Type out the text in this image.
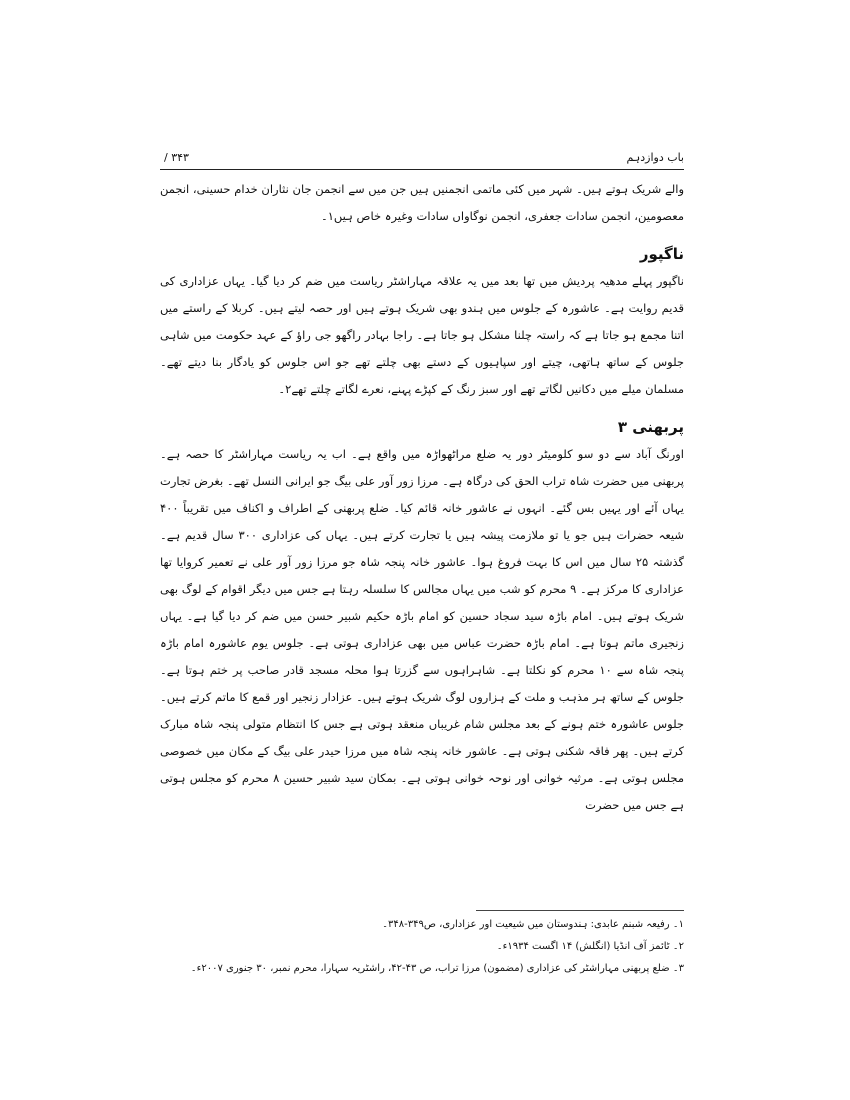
باب دوازدہم
/ ۳۴۳

والے شریک ہوتے ہیں۔ شہر میں کئی ماتمی انجمنیں ہیں جن میں سے انجمن جان نثاران خدام حسینی، انجمن معصومین، انجمن سادات جعفری، انجمن نوگاواں سادات وغیرہ خاص ہیں۱۔

ناگپور

ناگپور پہلے مدھیہ پردیش میں تھا بعد میں یہ علاقہ مہاراشٹر ریاست میں ضم کر دیا گیا۔ یہاں عزاداری کی قدیم روایت ہے۔ عاشورہ کے جلوس میں ہندو بھی شریک ہوتے ہیں اور حصہ لیتے ہیں۔ کربلا کے راستے میں اتنا مجمع ہو جاتا ہے کہ راستہ چلنا مشکل ہو جاتا ہے۔ راجا بہادر راگھو جی راؤ کے عہد حکومت میں شاہی جلوس کے ساتھ ہاتھی، چیتے اور سپاہیوں کے دستے بھی چلتے تھے جو اس جلوس کو یادگار بنا دیتے تھے۔ مسلمان میلے میں دکانیں لگاتے تھے اور سبز رنگ کے کپڑے پہنے، نعرے لگاتے چلتے تھے۲۔

پربھنی ۳

اورنگ آباد سے دو سو کلومیٹر دور یہ ضلع مراٹھواڑہ میں واقع ہے۔ اب یہ ریاست مہاراشٹر کا حصہ ہے۔ پربھنی میں حضرت شاہ تراب الحق کی درگاہ ہے۔ مرزا زور آور علی بیگ جو ایرانی النسل تھے۔ بغرض تجارت یہاں آئے اور یہیں بس گئے۔ انہوں نے عاشور خانہ قائم کیا۔ ضلع پربھنی کے اطراف و اکناف میں تقریباً ۴۰۰ شیعہ حضرات ہیں جو یا تو ملازمت پیشہ ہیں یا تجارت کرتے ہیں۔ یہاں کی عزاداری ۳۰۰ سال قدیم ہے۔ گذشتہ ۲۵ سال میں اس کا بہت فروغ ہوا۔ عاشور خانہ پنجہ شاہ جو مرزا زور آور علی نے تعمیر کروایا تھا عزاداری کا مرکز ہے۔ ۹ محرم کو شب میں یہاں مجالس کا سلسلہ رہتا ہے جس میں دیگر اقوام کے لوگ بھی شریک ہوتے ہیں۔ امام باڑہ سید سجاد حسین کو امام باڑہ حکیم شبیر حسن میں ضم کر دیا گیا ہے۔ یہاں زنجیری ماتم ہوتا ہے۔ امام باڑہ حضرت عباس میں بھی عزاداری ہوتی ہے۔ جلوس یوم عاشورہ امام باڑہ پنجہ شاہ سے ۱۰ محرم کو نکلتا ہے۔ شاہراہوں سے گزرتا ہوا محلہ مسجد قادر صاحب پر ختم ہوتا ہے۔ جلوس کے ساتھ ہر مذہب و ملت کے ہزاروں لوگ شریک ہوتے ہیں۔ عزادار زنجیر اور قمع کا ماتم کرتے ہیں۔ جلوس عاشورہ ختم ہونے کے بعد مجلس شام غریباں منعقد ہوتی ہے جس کا انتظام متولی پنجہ شاہ مبارک کرتے ہیں۔ پھر فاقہ شکنی ہوتی ہے۔ عاشور خانہ پنجہ شاہ میں مرزا حیدر علی بیگ کے مکان میں خصوصی مجلس ہوتی ہے۔ مرثیہ خوانی اور نوحہ خوانی ہوتی ہے۔ بمکان سید شبیر حسین ۸ محرم کو مجلس ہوتی ہے جس میں حضرت

۱۔ رفیعہ شبنم عابدی: ہندوستان میں شیعیت اور عزاداری، ص۳۴۹-۳۴۸۔
۲۔ ٹائمز آف انڈیا (انگلش) ۱۴ اگست ۱۹۳۴ء۔
۳۔ ضلع پربھنی مہاراشٹر کی عزاداری (مضمون) مرزا تراب، ص ۴۳-۴۲، راشٹریہ سہارا، محرم نمبر، ۳۰ جنوری ۲۰۰۷ء۔
